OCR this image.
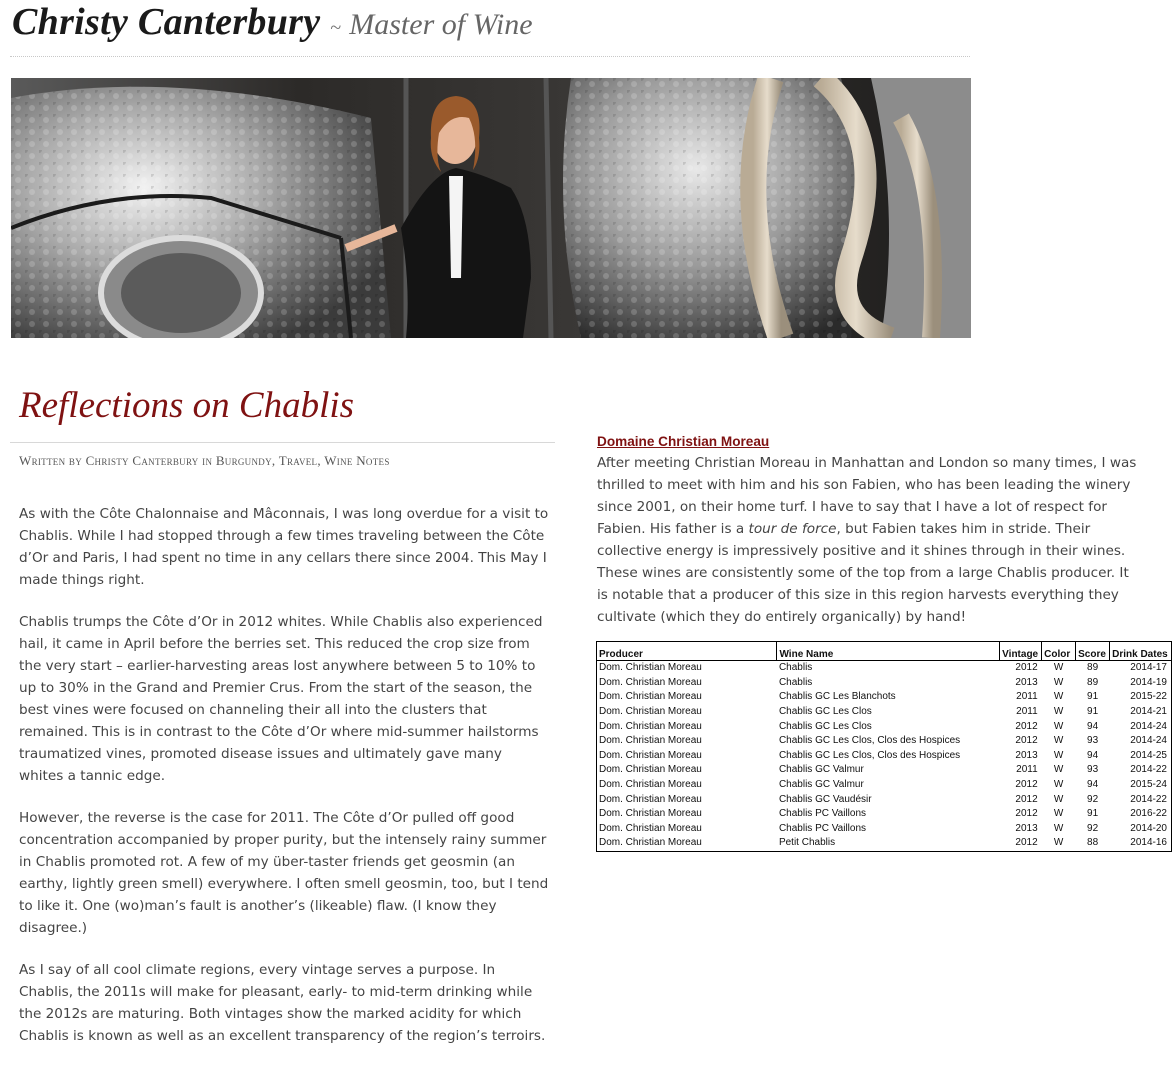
Christy Canterbury ~ Master of Wine
Reflections on Chablis
Written by Christy Canterbury in Burgundy, Travel, Wine Notes

As with the Côte Chalonnaise and Mâconnais, I was long overdue for a visit to Chablis. While I had stopped through a few times traveling between the Côte d’Or and Paris, I had spent no time in any cellars there since 2004. This May I made things right.

Chablis trumps the Côte d’Or in 2012 whites. While Chablis also experienced hail, it came in April before the berries set. This reduced the crop size from the very start – earlier-harvesting areas lost anywhere between 5 to 10% to up to 30% in the Grand and Premier Crus. From the start of the season, the best vines were focused on channeling their all into the clusters that remained. This is in contrast to the Côte d’Or where mid-summer hailstorms traumatized vines, promoted disease issues and ultimately gave many whites a tannic edge.

However, the reverse is the case for 2011. The Côte d’Or pulled off good concentration accompanied by proper purity, but the intensely rainy summer in Chablis promoted rot. A few of my über-taster friends get geosmin (an earthy, lightly green smell) everywhere. I often smell geosmin, too, but I tend to like it. One (wo)man’s fault is another’s (likeable) flaw. (I know they disagree.)

As I say of all cool climate regions, every vintage serves a purpose. In Chablis, the 2011s will make for pleasant, early- to mid-term drinking while the 2012s are maturing. Both vintages show the marked acidity for which Chablis is known as well as an excellent transparency of the region’s terroirs.

Domaine Christian Moreau

After meeting Christian Moreau in Manhattan and London so many times, I was thrilled to meet with him and his son Fabien, who has been leading the winery since 2001, on their home turf. I have to say that I have a lot of respect for Fabien. His father is a tour de force, but Fabien takes him in stride. Their collective energy is impressively positive and it shines through in their wines. These wines are consistently some of the top from a large Chablis producer. It is notable that a producer of this size in this region harvests everything they cultivate (which they do entirely organically) by hand!

Producer	Wine Name	Vintage	Color	Score	Drink Dates
Dom. Christian Moreau	Chablis	2012	W	89	2014-17
Dom. Christian Moreau	Chablis	2013	W	89	2014-19
Dom. Christian Moreau	Chablis GC Les Blanchots	2011	W	91	2015-22
Dom. Christian Moreau	Chablis GC Les Clos	2011	W	91	2014-21
Dom. Christian Moreau	Chablis GC Les Clos	2012	W	94	2014-24
Dom. Christian Moreau	Chablis GC Les Clos, Clos des Hospices	2012	W	93	2014-24
Dom. Christian Moreau	Chablis GC Les Clos, Clos des Hospices	2013	W	94	2014-25
Dom. Christian Moreau	Chablis GC Valmur	2011	W	93	2014-22
Dom. Christian Moreau	Chablis GC Valmur	2012	W	94	2015-24
Dom. Christian Moreau	Chablis GC Vaudésir	2012	W	92	2014-22
Dom. Christian Moreau	Chablis PC Vaillons	2012	W	91	2016-22
Dom. Christian Moreau	Chablis PC Vaillons	2013	W	92	2014-20
Dom. Christian Moreau	Petit Chablis	2012	W	88	2014-16
